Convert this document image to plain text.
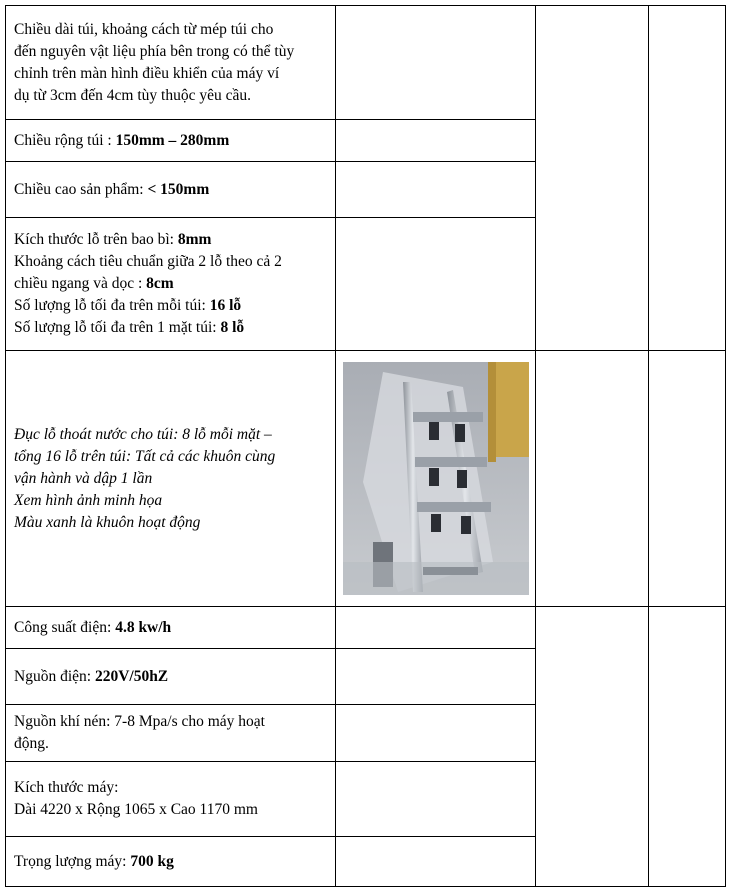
Chiều dài túi, khoảng cách từ mép túi cho
đến nguyên vật liệu phía bên trong có thể tùy
chỉnh trên màn hình điều khiển của máy ví
dụ từ 3cm đến 4cm tùy thuộc yêu cầu.			

Chiều rộng túi : 150mm – 280mm			

Chiều cao sản phẩm: < 150mm			

Kích thước lỗ trên bao bì: 8mm
Khoảng cách tiêu chuẩn giữa 2 lỗ theo cả 2
chiều ngang và dọc : 8cm
Số lượng lỗ tối đa trên mỗi túi: 16 lỗ
Số lượng lỗ tối đa trên 1 mặt túi: 8 lỗ			

Đục lỗ thoát nước cho túi: 8 lỗ mỗi mặt –
tổng 16 lỗ trên túi: Tất cả các khuôn cùng
vận hành và dập 1 lần
Xem hình ảnh minh họa
Màu xanh là khuôn hoạt động

Công suất điện: 4.8 kw/h			

Nguồn điện: 220V/50hZ			

Nguồn khí nén: 7-8 Mpa/s cho máy hoạt
động.			

Kích thước máy:
Dài 4220 x Rộng 1065 x Cao 1170 mm			

Trọng lượng máy: 700 kg			
